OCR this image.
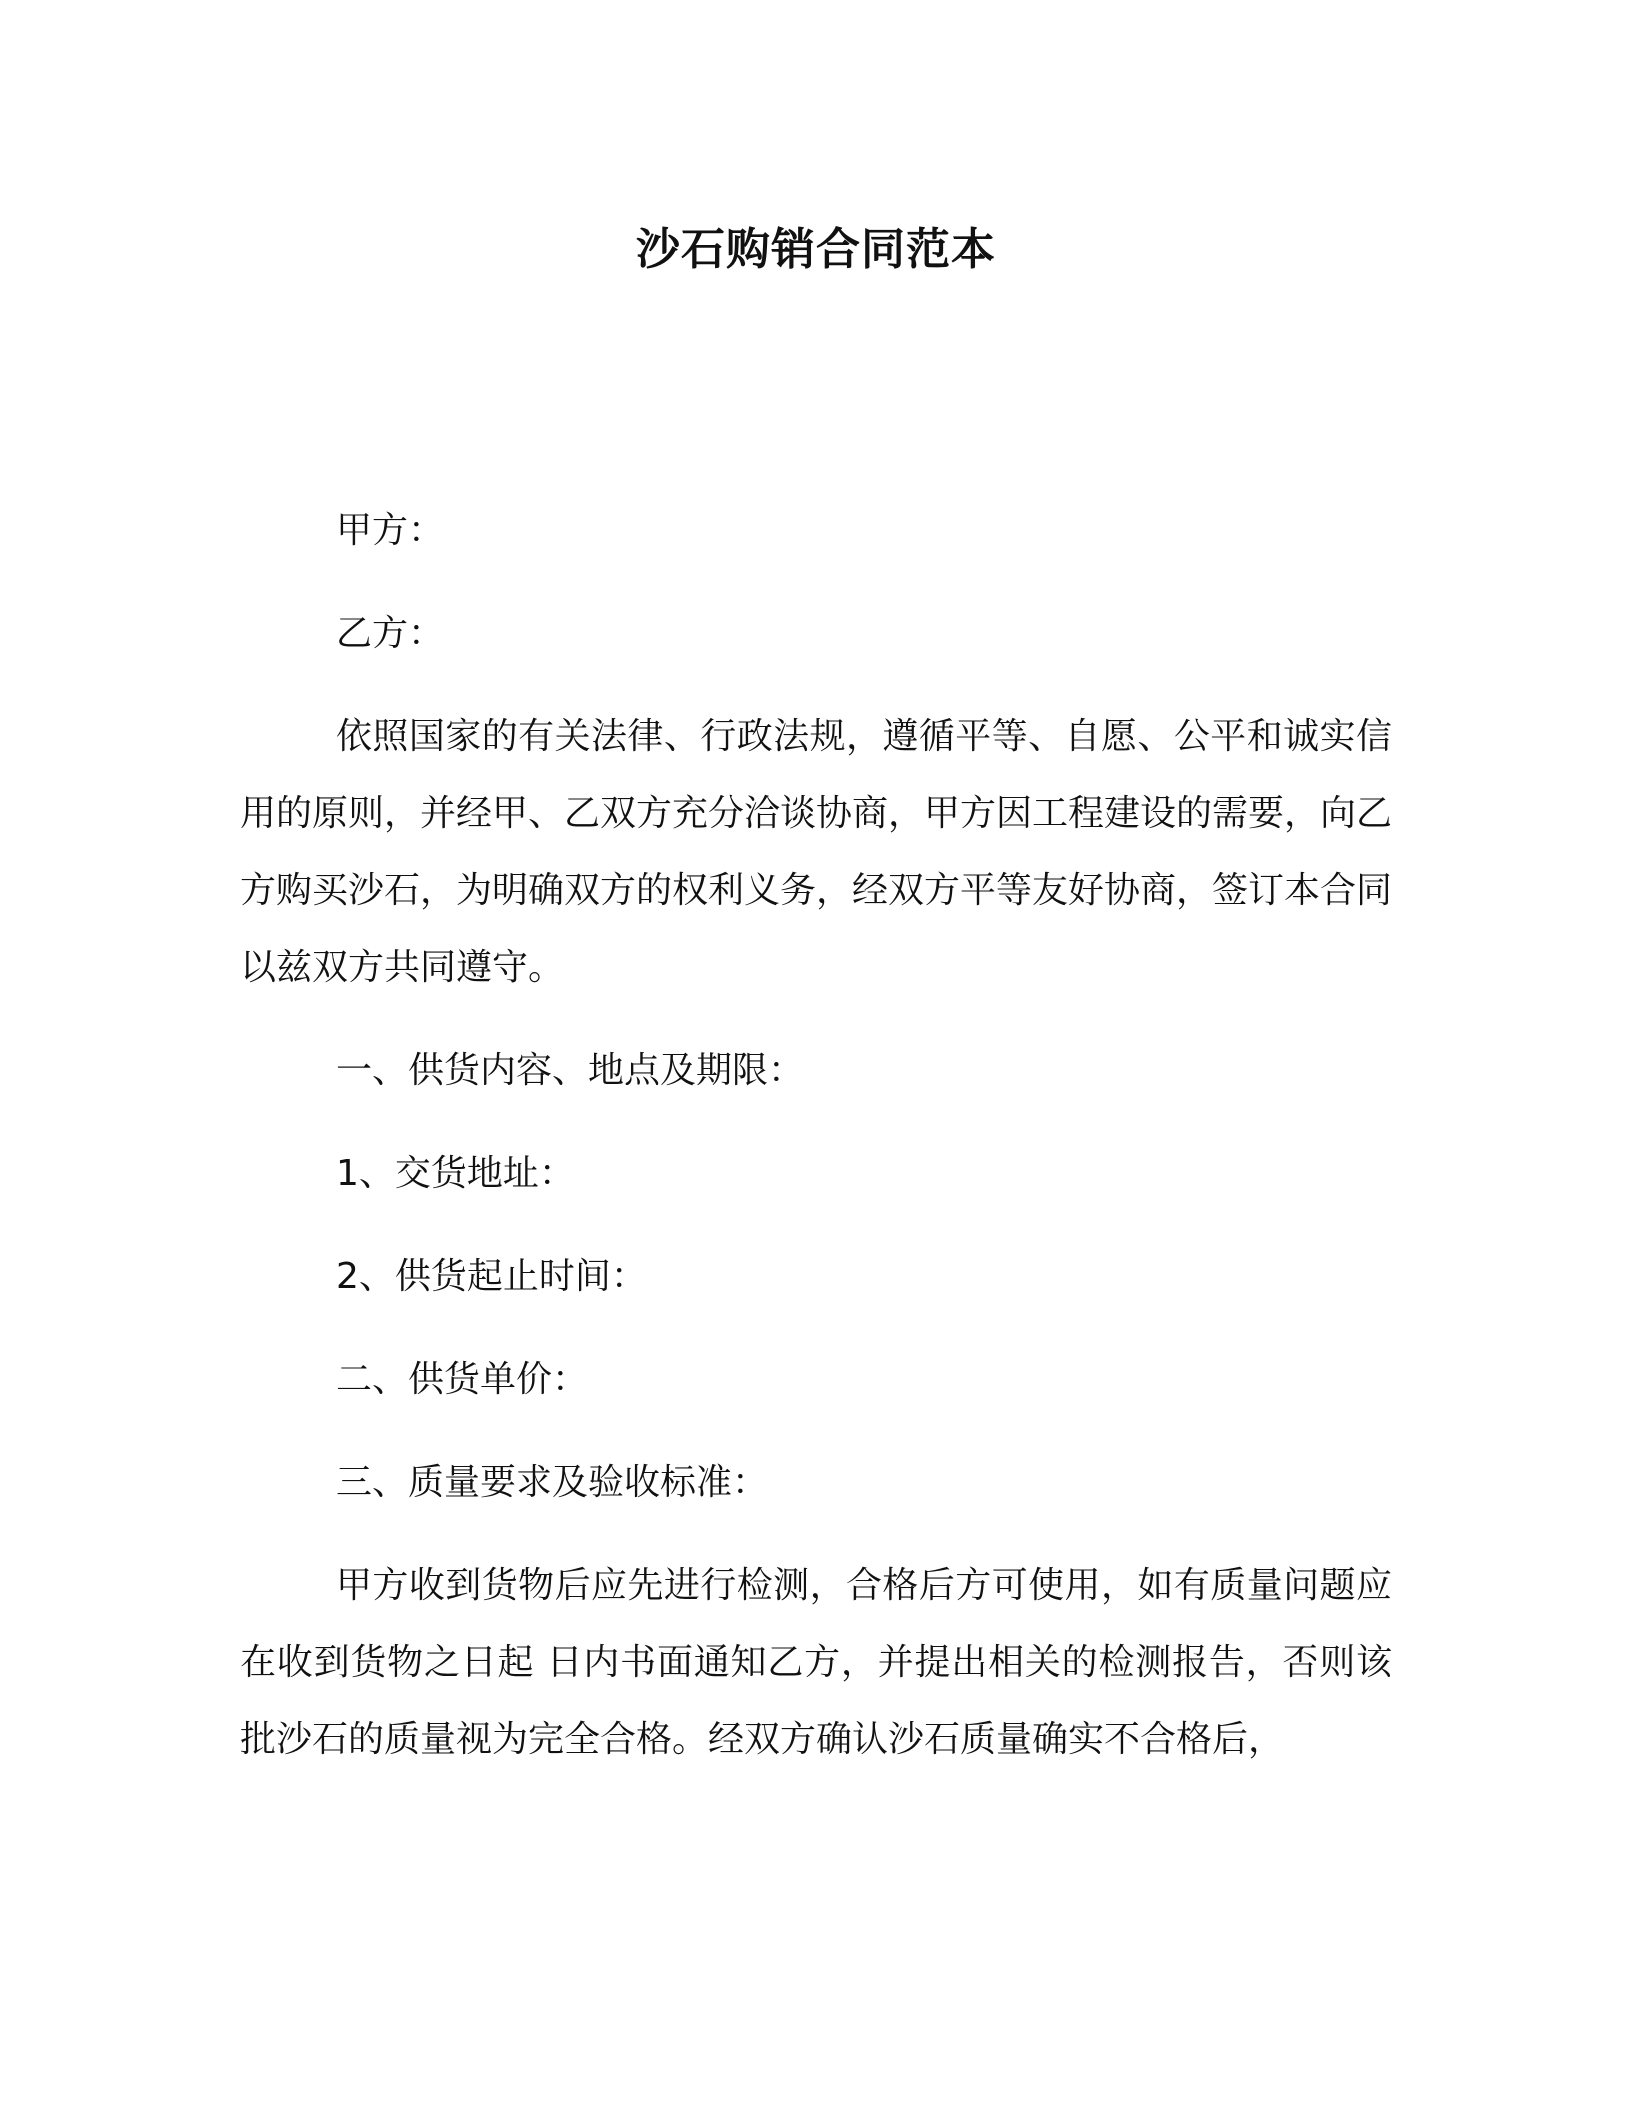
沙石购销合同范本

甲方：

乙方：

依照国家的有关法律、行政法规，遵循平等、自愿、公平和诚实信用的原则，并经甲、乙双方充分洽谈协商，甲方因工程建设的需要，向乙方购买沙石，为明确双方的权利义务，经双方平等友好协商，签订本合同以兹双方共同遵守。

一、供货内容、地点及期限：

1、交货地址：

2、供货起止时间：

二、供货单价：

三、质量要求及验收标准：

甲方收到货物后应先进行检测，合格后方可使用，如有质量问题应在收到货物之日起 日内书面通知乙方，并提出相关的检测报告，否则该批沙石的质量视为完全合格。经双方确认沙石质量确实不合格后，
